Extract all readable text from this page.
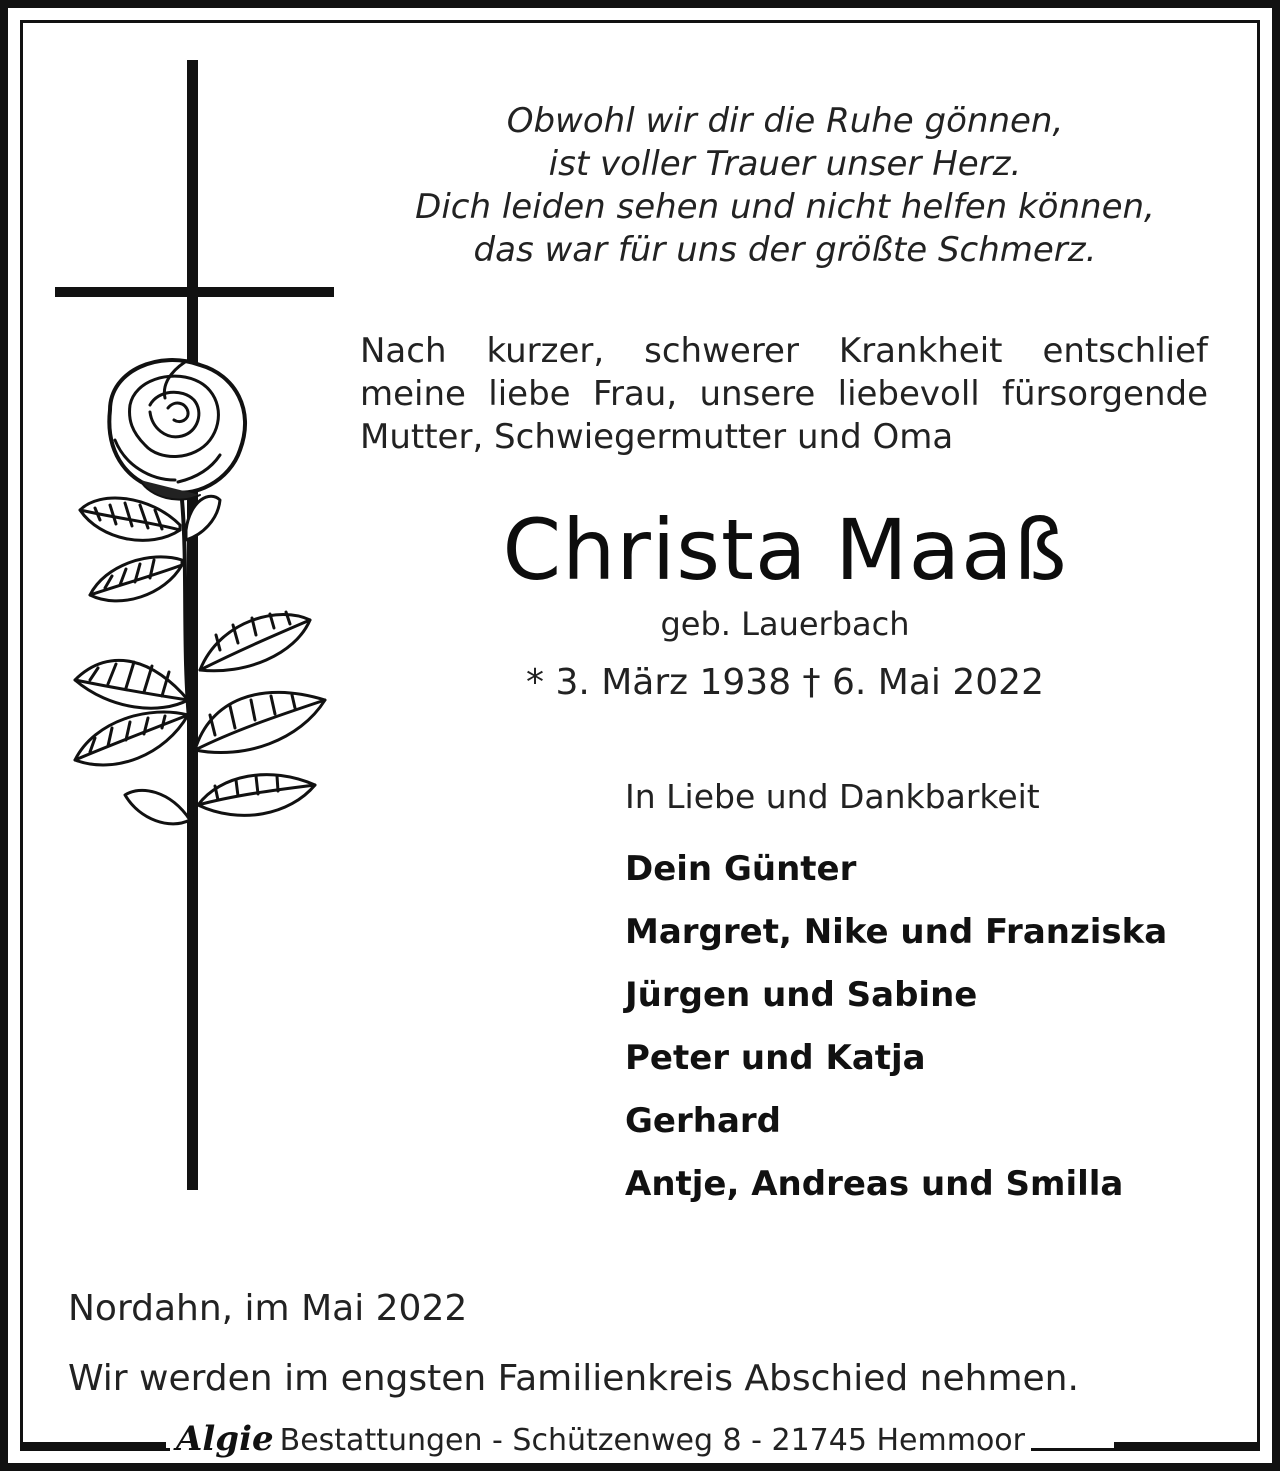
Obwohl wir dir die Ruhe gönnen,
ist voller Trauer unser Herz.
Dich leiden sehen und nicht helfen können,
das war für uns der größte Schmerz.
Nach kurzer, schwerer Krankheit entschlief
meine liebe Frau, unsere liebevoll fürsorgende
Mutter, Schwiegermutter und Oma
Christa Maaß
geb. Lauerbach
* 3. März 1938 † 6. Mai 2022
In Liebe und Dankbarkeit
Dein Günter
Margret, Nike und Franziska
Jürgen und Sabine
Peter und Katja
Gerhard
Antje, Andreas und Smilla
Nordahn, im Mai 2022
Wir werden im engsten Familienkreis Abschied nehmen.
Algie Bestattungen - Schützenweg 8 - 21745 Hemmoor
